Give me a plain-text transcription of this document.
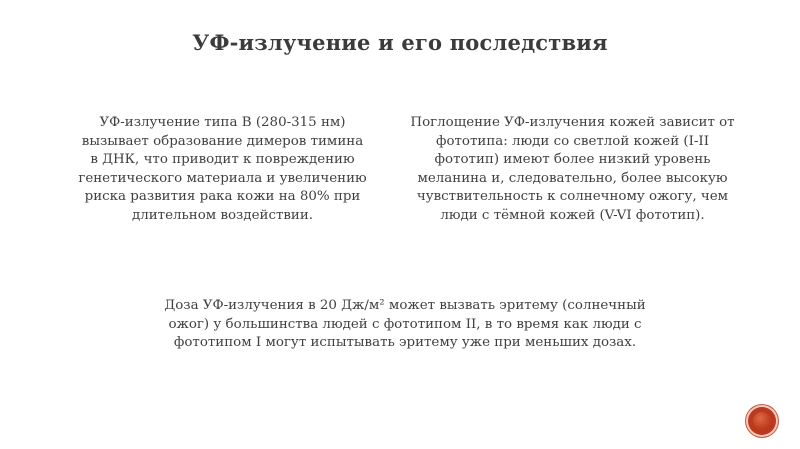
УФ-излучение и его последствия
УФ-излучение типа В (280-315 нм)
вызывает образование димеров тимина
в ДНК, что приводит к повреждению
генетического материала и увеличению
риска развития рака кожи на 80% при
длительном воздействии.
Поглощение УФ-излучения кожей зависит от
фототипа: люди со светлой кожей (I-II
фототип) имеют более низкий уровень
меланина и, следовательно, более высокую
чувствительность к солнечному ожогу, чем
люди с тёмной кожей (V-VI фототип).
Доза УФ-излучения в 20 Дж/м² может вызвать эритему (солнечный
ожог) у большинства людей с фототипом II, в то время как люди с
фототипом I могут испытывать эритему уже при меньших дозах.
